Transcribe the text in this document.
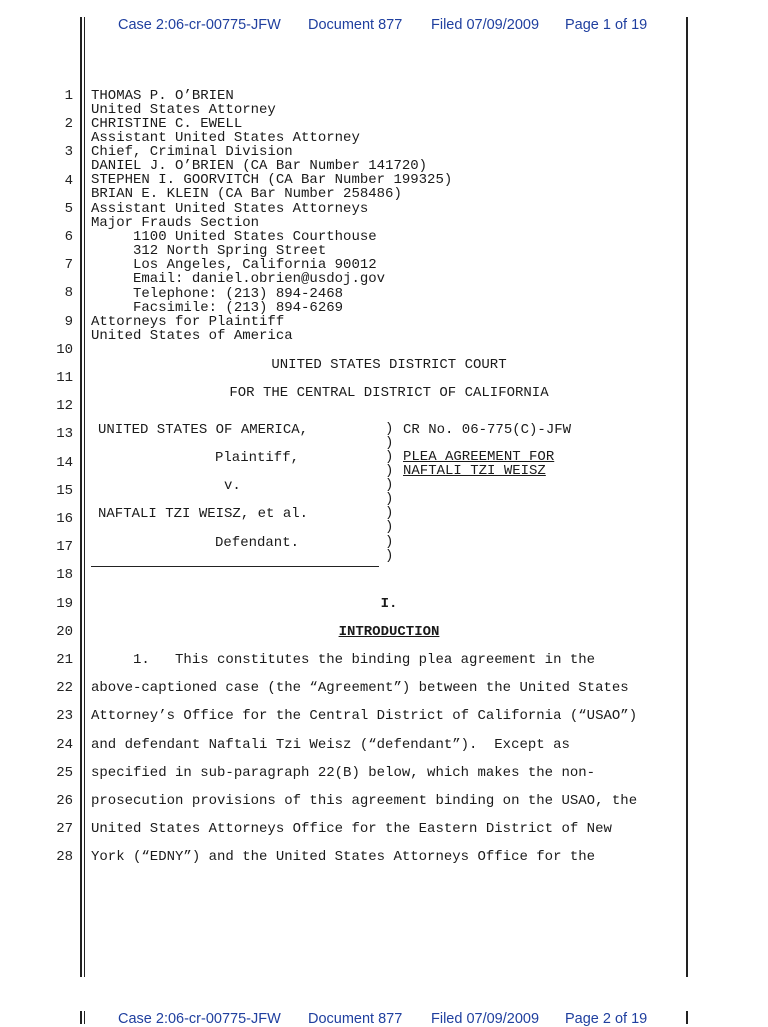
Case 2:06-cr-00775-JFW Document 877 Filed 07/09/2009 Page 1 of 19
1
2
3
4
5
6
7
8
9
10
11
12
13
14
15
16
17
18
19
20
21
22
23
24
25
26
27
28
THOMAS P. O’BRIEN
United States Attorney
CHRISTINE C. EWELL
Assistant United States Attorney
Chief, Criminal Division
DANIEL J. O’BRIEN (CA Bar Number 141720)
STEPHEN I. GOORVITCH (CA Bar Number 199325)
BRIAN E. KLEIN (CA Bar Number 258486)
Assistant United States Attorneys
Major Frauds Section
1100 United States Courthouse
312 North Spring Street
Los Angeles, California 90012
Email: daniel.obrien@usdoj.gov
Telephone: (213) 894-2468
Facsimile: (213) 894-6269
Attorneys for Plaintiff
United States of America
UNITED STATES DISTRICT COURT
FOR THE CENTRAL DISTRICT OF CALIFORNIA
UNITED STATES OF AMERICA,
Plaintiff,
v.
NAFTALI TZI WEISZ, et al.
Defendant.
)
)
)
)
)
)
)
)
)
)
CR No. 06-775(C)-JFW
PLEA AGREEMENT FOR
NAFTALI TZI WEISZ
I.
INTRODUCTION
1.   This constitutes the binding plea agreement in the
above-captioned case (the “Agreement”) between the United States
Attorney’s Office for the Central District of California (“USAO”)
and defendant Naftali Tzi Weisz (“defendant”).  Except as
specified in sub-paragraph 22(B) below, which makes the non-
prosecution provisions of this agreement binding on the USAO, the
United States Attorneys Office for the Eastern District of New
York (“EDNY”) and the United States Attorneys Office for the
Case 2:06-cr-00775-JFW Document 877 Filed 07/09/2009 Page 2 of 19
